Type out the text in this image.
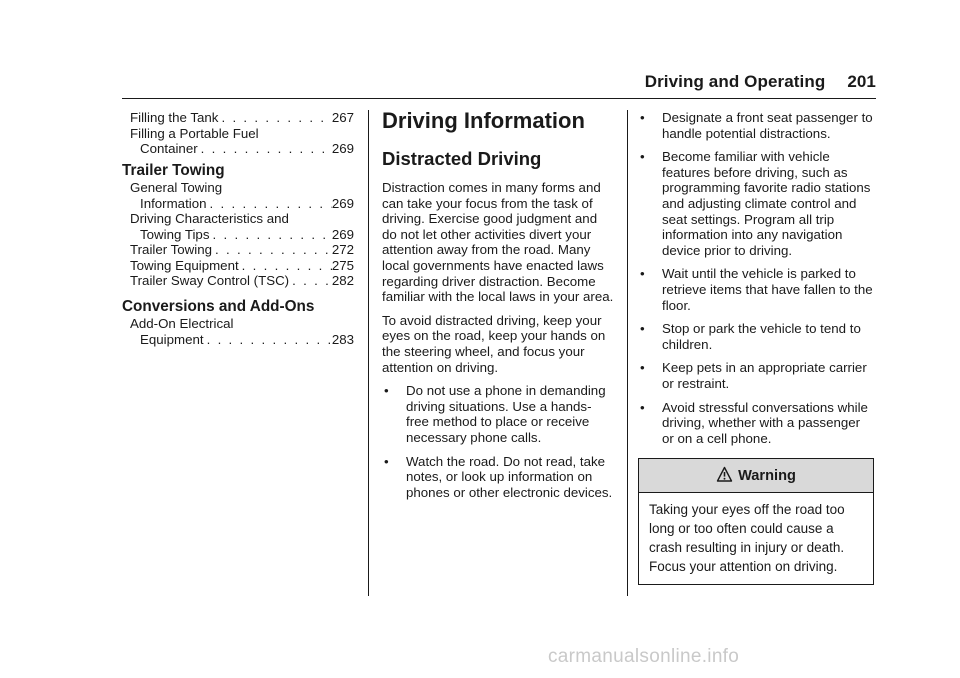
Driving and Operating 201
Filling the Tank . . .	267
Filling a Portable Fuel
Container . . .	269
Trailer Towing
General Towing
Information . . .	269
Driving Characteristics and
Towing Tips . . .	269
Trailer Towing . . .	272
Towing Equipment . . .	275
Trailer Sway Control (TSC) . . .	282
Conversions and Add-Ons
Add-On Electrical
Equipment . . .	283
Driving Information
Distracted Driving

Distraction comes in many forms and can take your focus from the task of driving. Exercise good judgment and do not let other activities divert your attention away from the road. Many local governments have enacted laws regarding driver distraction. Become familiar with the local laws in your area.

To avoid distracted driving, keep your eyes on the road, keep your hands on the steering wheel, and focus your attention on driving.

•	Do not use a phone in demanding driving situations. Use a hands-free method to place or receive necessary phone calls.
•	Watch the road. Do not read, take notes, or look up information on phones or other electronic devices.
•	Designate a front seat passenger to handle potential distractions.
•	Become familiar with vehicle features before driving, such as programming favorite radio stations and adjusting climate control and seat settings. Program all trip information into any navigation device prior to driving.
•	Wait until the vehicle is parked to retrieve items that have fallen to the floor.
•	Stop or park the vehicle to tend to children.
•	Keep pets in an appropriate carrier or restraint.
•	Avoid stressful conversations while driving, whether with a passenger or on a cell phone.
Warning
Taking your eyes off the road too long or too often could cause a crash resulting in injury or death. Focus your attention on driving.
carmanualsonline.info
